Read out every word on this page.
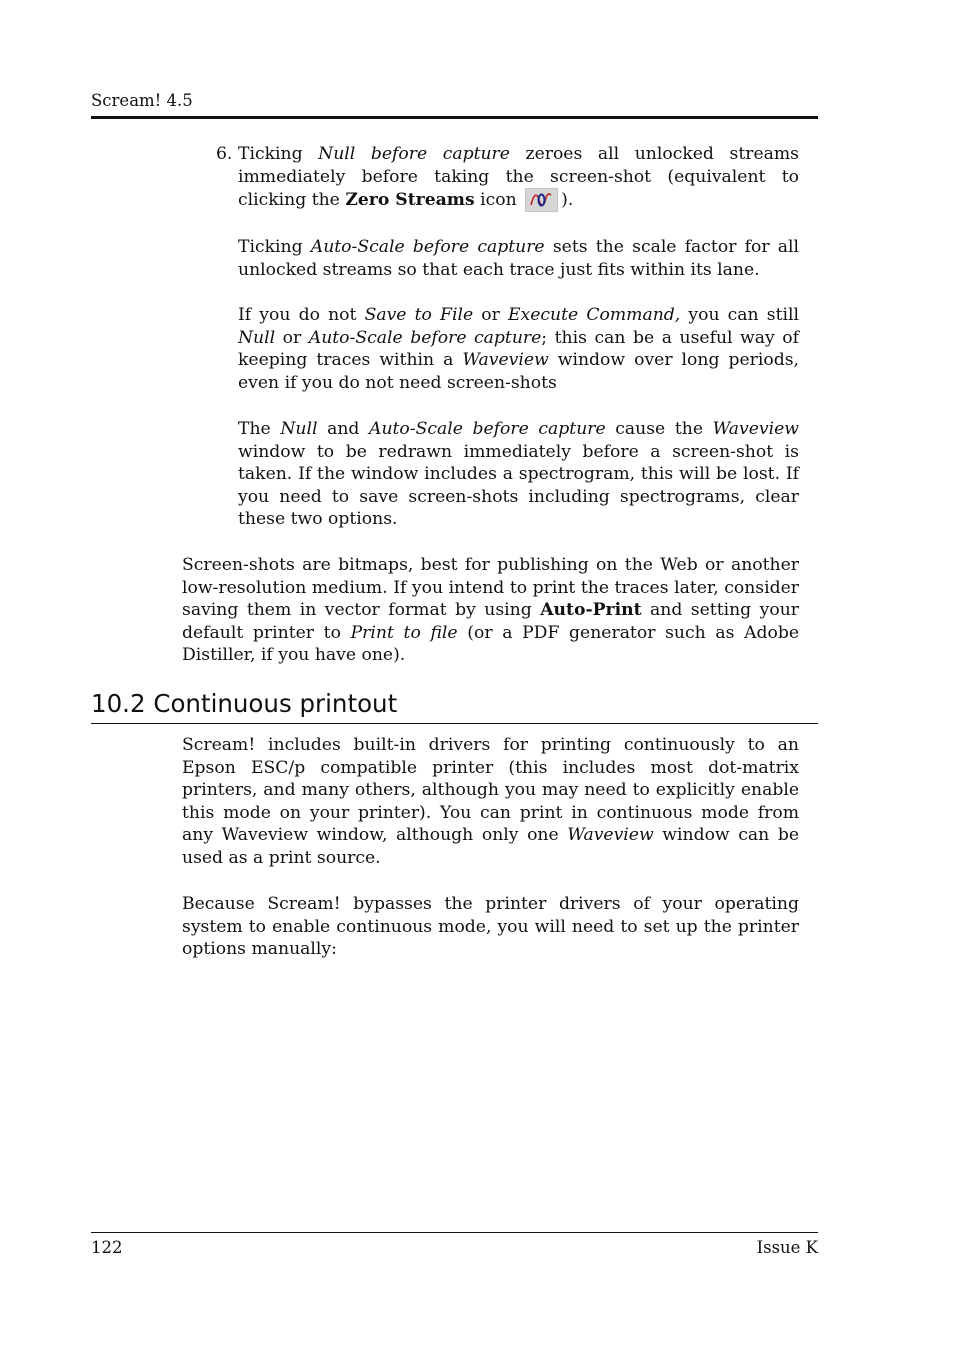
Scream! 4.5
6. Ticking Null before capture zeroes all unlocked streams immediately before taking the screen-shot (equivalent to clicking the Zero Streams icon
).

Ticking Auto-Scale before capture sets the scale factor for all unlocked streams so that each trace just fits within its lane.

If you do not Save to File or Execute Command, you can still Null or Auto-Scale before capture; this can be a useful way of keeping traces within a Waveview window over long periods, even if you do not need screen-shots

The Null and Auto-Scale before capture cause the Waveview window to be redrawn immediately before a screen-shot is taken. If the window includes a spectrogram, this will be lost. If you need to save screen-shots including spectrograms, clear these two options.

Screen-shots are bitmaps, best for publishing on the Web or another low-resolution medium. If you intend to print the traces later, consider saving them in vector format by using Auto-Print and setting your default printer to Print to file (or a PDF generator such as Adobe Distiller, if you have one).

10.2 Continuous printout

Scream! includes built-in drivers for printing continuously to an Epson ESC/p compatible printer (this includes most dot-matrix printers, and many others, although you may need to explicitly enable this mode on your printer). You can print in continuous mode from any Waveview window, although only one Waveview window can be used as a print source.

Because Scream! bypasses the printer drivers of your operating system to enable continuous mode, you will need to set up the printer options manually:

122	Issue K
